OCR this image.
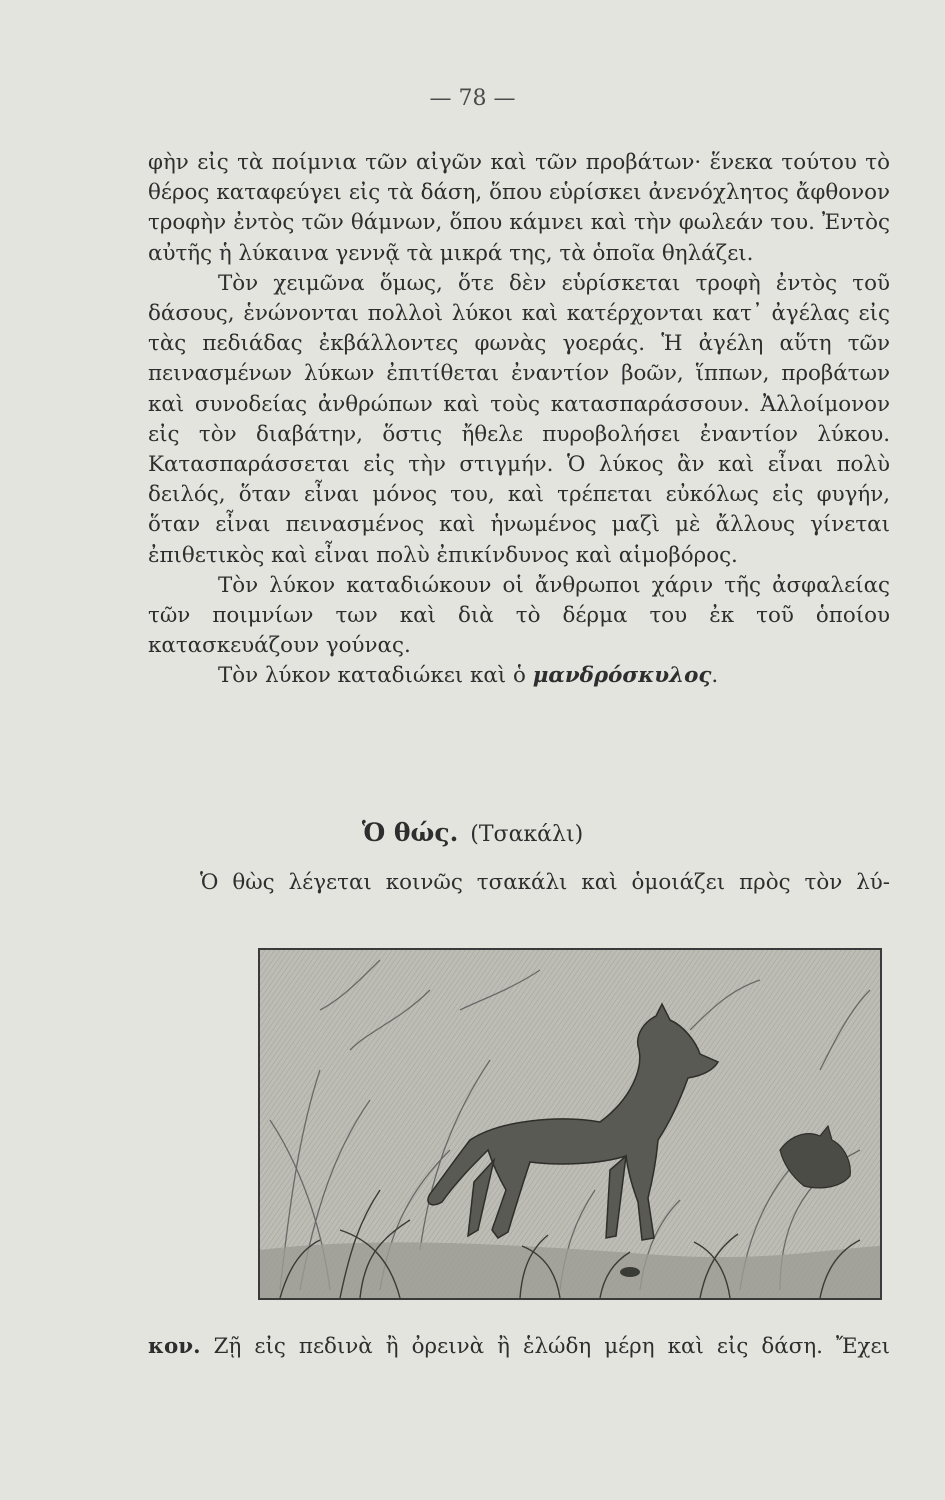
— 78 —

φὴν εἰς τὰ ποίμνια τῶν αἰγῶν καὶ τῶν προβάτων· ἕνεκα τούτου τὸ θέρος καταφεύγει εἰς τὰ δάση, ὅπου εὑρίσκει ἀνενόχλητος ἄφθονον τροφὴν ἐντὸς τῶν θάμνων, ὅπου κάμνει καὶ τὴν φωλεάν του. Ἐντὸς αὐτῆς ἡ λύκαινα γεννᾷ τὰ μικρά της, τὰ ὁποῖα θηλάζει.

Τὸν χειμῶνα ὅμως, ὅτε δὲν εὑρίσκεται τροφὴ ἐντὸς τοῦ δάσους, ἑνώνονται πολλοὶ λύκοι καὶ κατέρχονται κατ᾽ ἀγέλας εἰς τὰς πεδιάδας ἐκβάλλοντες φωνὰς γοεράς. Ἡ ἀγέλη αὕτη τῶν πεινασμένων λύκων ἐπιτίθεται ἐναντίον βοῶν, ἵππων, προβάτων καὶ συνοδείας ἀνθρώπων καὶ τοὺς κατασπαράσσουν. Ἀλλοίμονον εἰς τὸν διαβάτην, ὅστις ἤθελε πυροβολήσει ἐναντίον λύκου. Κατασπαράσσεται εἰς τὴν στιγμήν. Ὁ λύκος ἂν καὶ εἶναι πολὺ δειλός, ὅταν εἶναι μόνος του, καὶ τρέπεται εὐκόλως εἰς φυγήν, ὅταν εἶναι πεινασμένος καὶ ἡνωμένος μαζὶ μὲ ἄλλους γίνεται ἐπιθετικὸς καὶ εἶναι πολὺ ἐπικίνδυνος καὶ αἱμοβόρος.

Τὸν λύκον καταδιώκουν οἱ ἄνθρωποι χάριν τῆς ἀσφαλείας τῶν ποιμνίων των καὶ διὰ τὸ δέρμα του ἐκ τοῦ ὁποίου κατασκευάζουν γούνας.

Τὸν λύκον καταδιώκει καὶ ὁ μανδρόσκυλος.

Ὁ θώς. (Τσακάλι)
Ὁ θὼς λέγεται κοινῶς τσακάλι καὶ ὁμοιάζει πρὸς τὸν λύ-
κον. Ζῇ εἰς πεδινὰ ἢ ὀρεινὰ ἢ ἑλώδη μέρη καὶ εἰς δάση. Ἔχει
